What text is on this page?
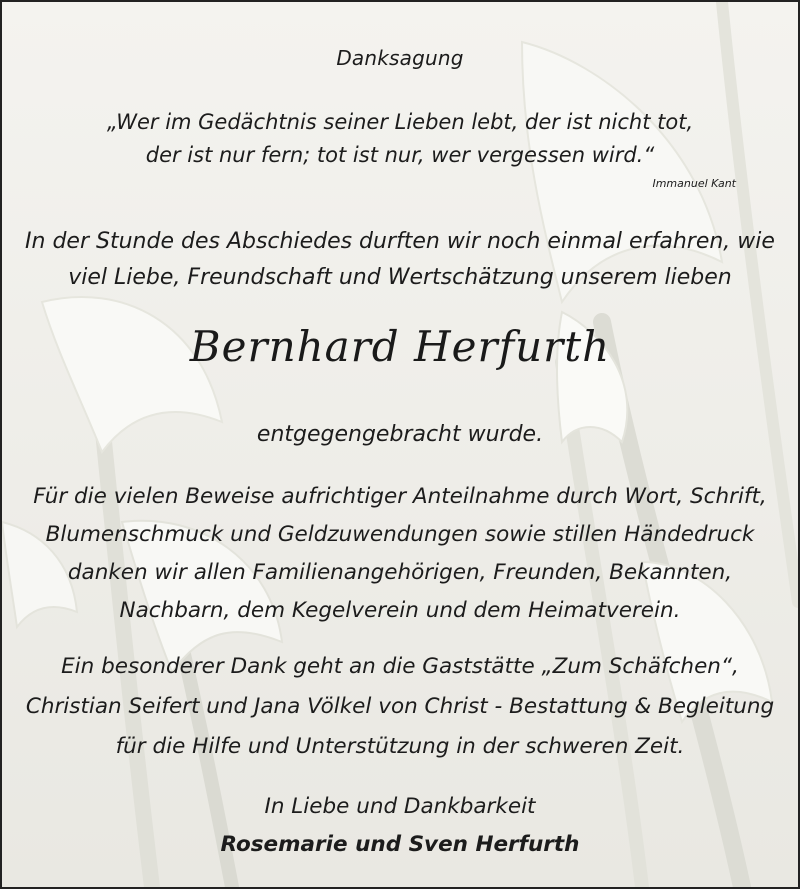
Danksagung
„Wer im Gedächtnis seiner Lieben lebt, der ist nicht tot,
der ist nur fern; tot ist nur, wer vergessen wird.“
Immanuel Kant
In der Stunde des Abschiedes durften wir noch einmal erfahren, wie
viel Liebe, Freundschaft und Wertschätzung unserem lieben
Bernhard Herfurth
entgegengebracht wurde.
Für die vielen Beweise aufrichtiger Anteilnahme durch Wort, Schrift,
Blumenschmuck und Geldzuwendungen sowie stillen Händedruck
danken wir allen Familienangehörigen, Freunden, Bekannten,
Nachbarn, dem Kegelverein und dem Heimatverein.
Ein besonderer Dank geht an die Gaststätte „Zum Schäfchen“,
Christian Seifert und Jana Völkel von Christ - Bestattung & Begleitung
für die Hilfe und Unterstützung in der schweren Zeit.
In Liebe und Dankbarkeit
Rosemarie und Sven Herfurth
